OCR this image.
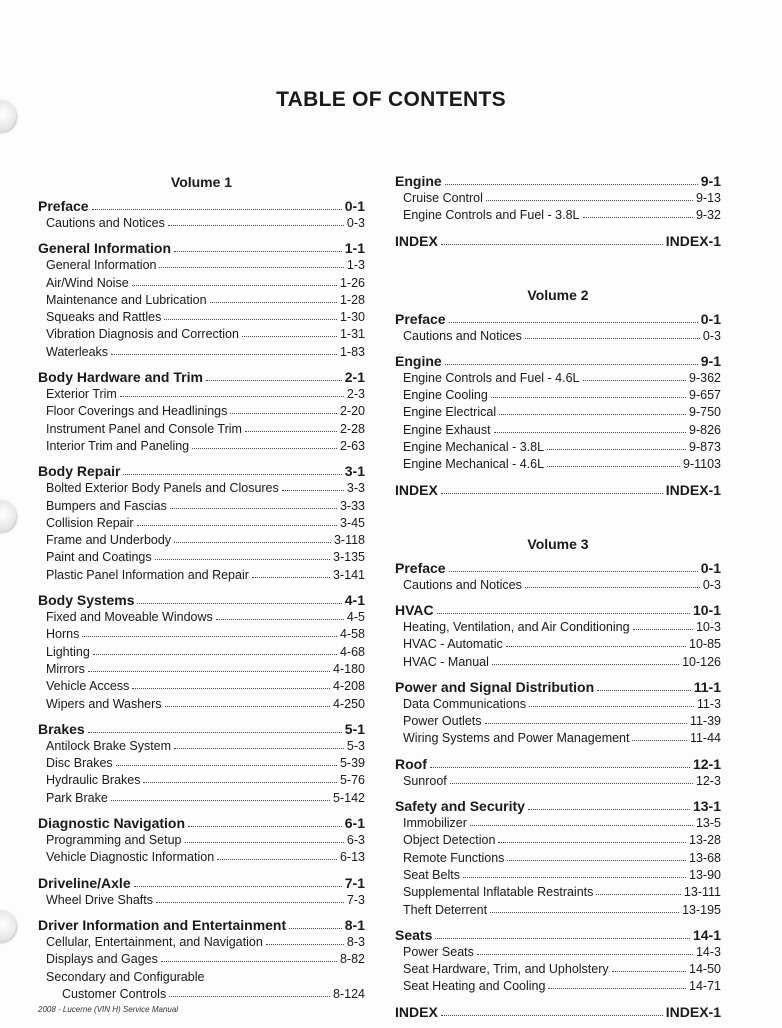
TABLE OF CONTENTS
Volume 1
Preface	0-1
Cautions and Notices	0-3
General Information	1-1
General Information	1-3
Air/Wind Noise	1-26
Maintenance and Lubrication	1-28
Squeaks and Rattles	1-30
Vibration Diagnosis and Correction	1-31
Waterleaks	1-83
Body Hardware and Trim	2-1
Exterior Trim	2-3
Floor Coverings and Headlinings	2-20
Instrument Panel and Console Trim	2-28
Interior Trim and Paneling	2-63
Body Repair	3-1
Bolted Exterior Body Panels and Closures	3-3
Bumpers and Fascias	3-33
Collision Repair	3-45
Frame and Underbody	3-118
Paint and Coatings	3-135
Plastic Panel Information and Repair	3-141
Body Systems	4-1
Fixed and Moveable Windows	4-5
Horns	4-58
Lighting	4-68
Mirrors	4-180
Vehicle Access	4-208
Wipers and Washers	4-250
Brakes	5-1
Antilock Brake System	5-3
Disc Brakes	5-39
Hydraulic Brakes	5-76
Park Brake	5-142
Diagnostic Navigation	6-1
Programming and Setup	6-3
Vehicle Diagnostic Information	6-13
Driveline/Axle	7-1
Wheel Drive Shafts	7-3
Driver Information and Entertainment	8-1
Cellular, Entertainment, and Navigation	8-3
Displays and Gages	8-82
Secondary and Configurable
Customer Controls	8-124
Engine	9-1
Cruise Control	9-13
Engine Controls and Fuel - 3.8L	9-32
INDEX	INDEX-1
Volume 2
Preface	0-1
Cautions and Notices	0-3
Engine	9-1
Engine Controls and Fuel - 4.6L	9-362
Engine Cooling	9-657
Engine Electrical	9-750
Engine Exhaust	9-826
Engine Mechanical - 3.8L	9-873
Engine Mechanical - 4.6L	9-1103
INDEX	INDEX-1
Volume 3
Preface	0-1
Cautions and Notices	0-3
HVAC	10-1
Heating, Ventilation, and Air Conditioning	10-3
HVAC - Automatic	10-85
HVAC - Manual	10-126
Power and Signal Distribution	11-1
Data Communications	11-3
Power Outlets	11-39
Wiring Systems and Power Management	11-44
Roof	12-1
Sunroof	12-3
Safety and Security	13-1
Immobilizer	13-5
Object Detection	13-28
Remote Functions	13-68
Seat Belts	13-90
Supplemental Inflatable Restraints	13-111
Theft Deterrent	13-195
Seats	14-1
Power Seats	14-3
Seat Hardware, Trim, and Upholstery	14-50
Seat Heating and Cooling	14-71
INDEX	INDEX-1
2008 - Lucerne (VIN H) Service Manual
